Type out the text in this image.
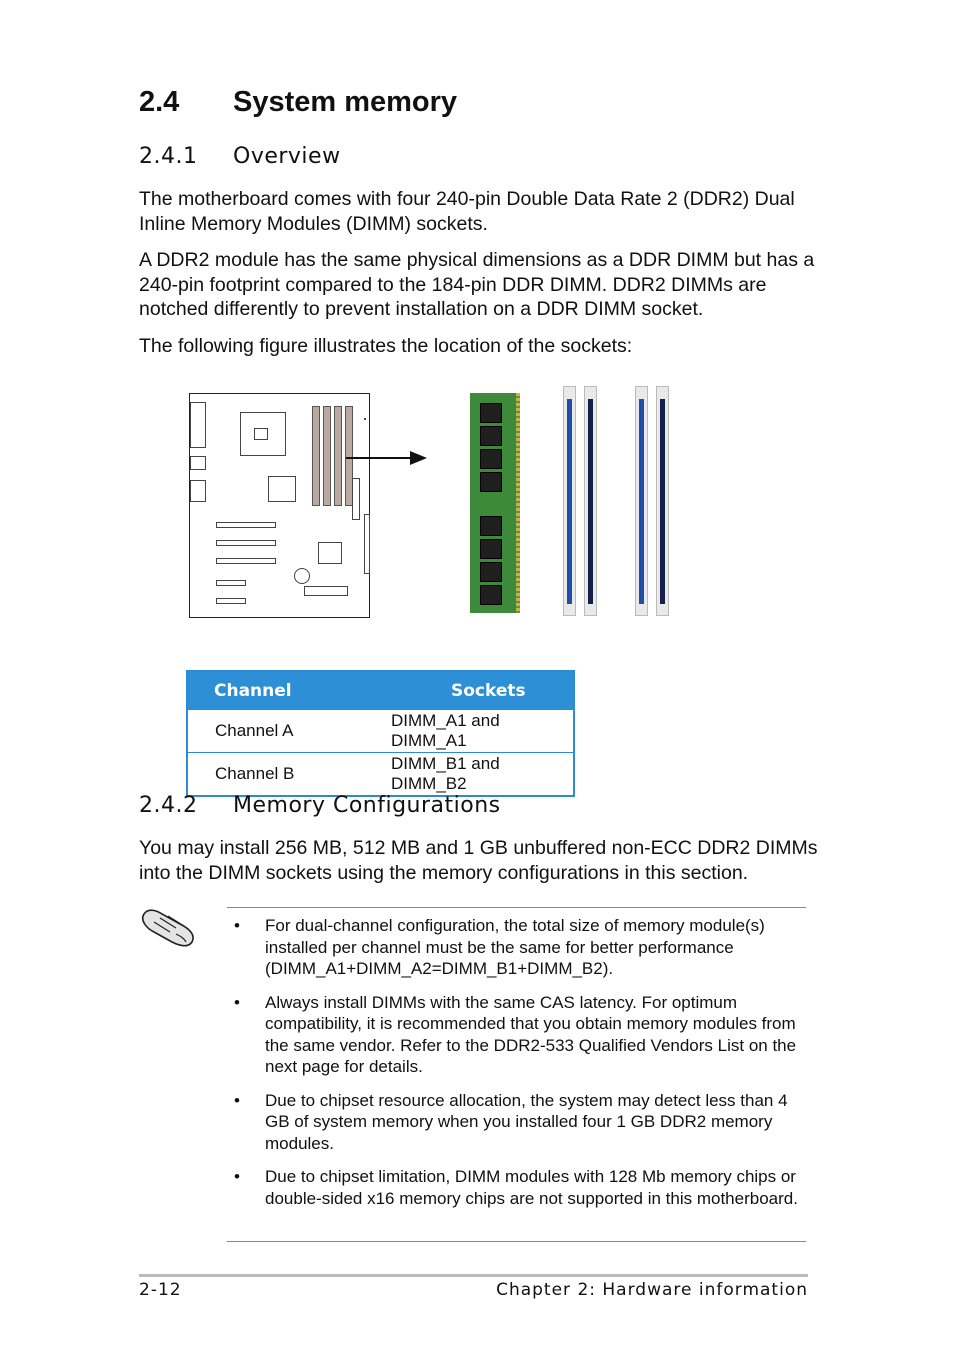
2.4 System memory
2.4.1 Overview

The motherboard comes with four 240-pin Double Data Rate 2 (DDR2) Dual Inline Memory Modules (DIMM) sockets.

A DDR2 module has the same physical dimensions as a DDR DIMM but has a 240-pin footprint compared to the 184-pin DDR DIMM. DDR2 DIMMs are notched differently to prevent installation on a DDR DIMM socket.

The following figure illustrates the location of the sockets:

Channel	Sockets
Channel A	DIMM_A1 and DIMM_A1
Channel B	DIMM_B1 and DIMM_B2
2.4.2 Memory Configurations

You may install 256 MB, 512 MB and 1 GB unbuffered non-ECC DDR2 DIMMs into the DIMM sockets using the memory configurations in this section.

• For dual-channel configuration, the total size of memory module(s) installed per channel must be the same for better performance (DIMM_A1+DIMM_A2=DIMM_B1+DIMM_B2).
• Always install DIMMs with the same CAS latency. For optimum compatibility, it is recommended that you obtain memory modules from the same vendor. Refer to the DDR2-533 Qualified Vendors List on the next page for details.
• Due to chipset resource allocation, the system may detect less than 4 GB of system memory when you installed four 1 GB DDR2 memory modules.
• Due to chipset limitation, DIMM modules with 128 Mb memory chips or double-sided x16 memory chips are not supported in this motherboard.
2-12	Chapter 2: Hardware information
